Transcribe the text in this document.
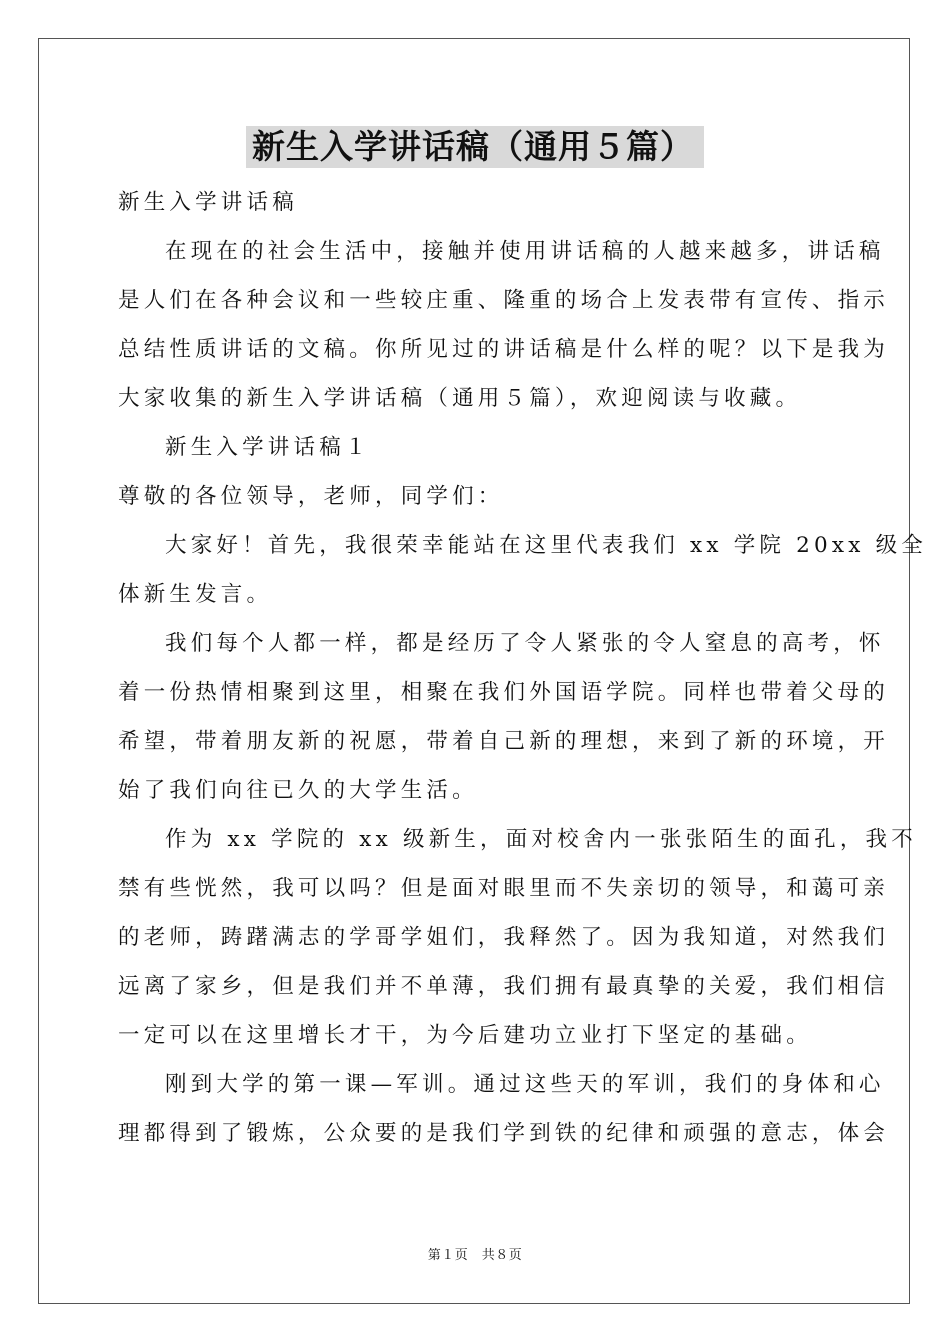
新生入学讲话稿（通用５篇）
新生入学讲话稿
在现在的社会生活中，接触并使用讲话稿的人越来越多，讲话稿
是人们在各种会议和一些较庄重、隆重的场合上发表带有宣传、指示
总结性质讲话的文稿。你所见过的讲话稿是什么样的呢？以下是我为
大家收集的新生入学讲话稿（通用５篇），欢迎阅读与收藏。
新生入学讲话稿１
尊敬的各位领导，老师，同学们：
大家好！首先，我很荣幸能站在这里代表我们 xx 学院 20xx 级全
体新生发言。
我们每个人都一样，都是经历了令人紧张的令人窒息的高考，怀
着一份热情相聚到这里，相聚在我们外国语学院。同样也带着父母的
希望，带着朋友新的祝愿，带着自己新的理想，来到了新的环境，开
始了我们向往已久的大学生活。
作为 xx 学院的 xx 级新生，面对校舍内一张张陌生的面孔，我不
禁有些恍然，我可以吗？但是面对眼里而不失亲切的领导，和蔼可亲
的老师，踌躇满志的学哥学姐们，我释然了。因为我知道，对然我们
远离了家乡，但是我们并不单薄，我们拥有最真挚的关爱，我们相信
一定可以在这里增长才干，为今后建功立业打下坚定的基础。
刚到大学的第一课—军训。通过这些天的军训，我们的身体和心
理都得到了锻炼，公众要的是我们学到铁的纪律和顽强的意志，体会
第１页　共８页
